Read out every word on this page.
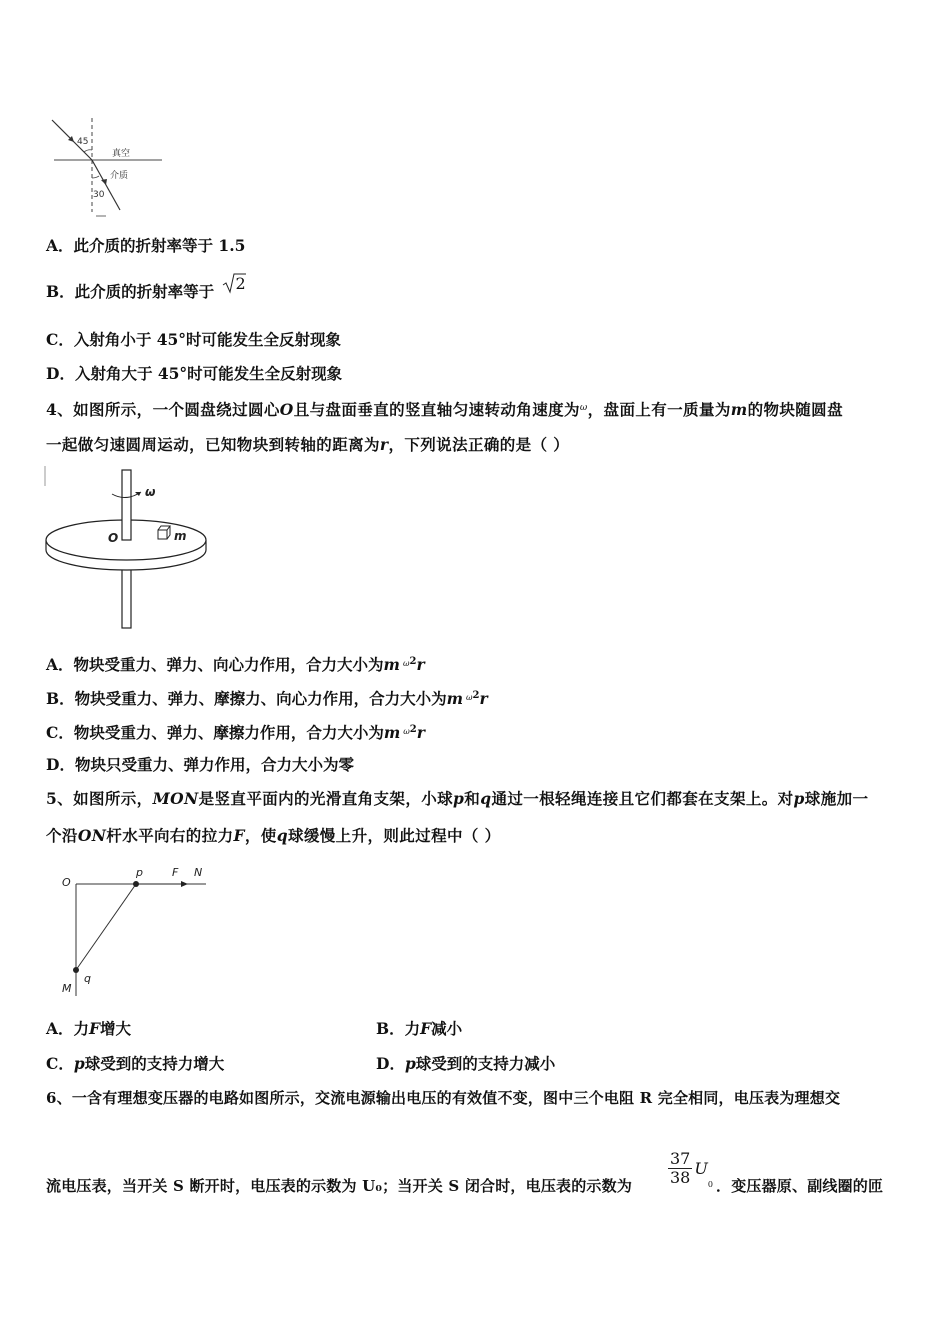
45
30
真空
介质
A．此介质的折射率等于 1.5
B．此介质的折射率等于 2
C．入射角小于 45°时可能发生全反射现象
D．入射角大于 45°时可能发生全反射现象
4、如图所示，一个圆盘绕过圆心O且与盘面垂直的竖直轴匀速转动角速度为$^\omega$，盘面上有一质量为m的物块随圆盘
一起做匀速圆周运动，已知物块到转轴的距离为r，下列说法正确的是（ ）
ω
O	m
A．物块受重力、弹力、向心力作用，合力大小为m $^{\omega 2}$r
B．物块受重力、弹力、摩擦力、向心力作用，合力大小为m $^{\omega 2}$r
C．物块受重力、弹力、摩擦力作用，合力大小为m $^{\omega 2}$r
D．物块只受重力、弹力作用，合力大小为零
5、如图所示，MON是竖直平面内的光滑直角支架，小球p和q通过一根轻绳连接且它们都套在支架上。对p球施加一
个沿ON杆水平向右的拉力F，使q球缓慢上升，则此过程中（ ）
O
p	F N
q
M
A．力F增大	B．力F减小
C．p球受到的支持力增大	D．p球受到的支持力减小
6、一含有理想变压器的电路如图所示，交流电源输出电压的有效值不变，图中三个电阻 R 完全相同，电压表为理想交
流电压表，当开关 S 断开时，电压表的示数为 U₀；当开关 S 闭合时，电压表的示数为 $\frac{37}{38} U_0$ ．变压器原、副线圈的匝
